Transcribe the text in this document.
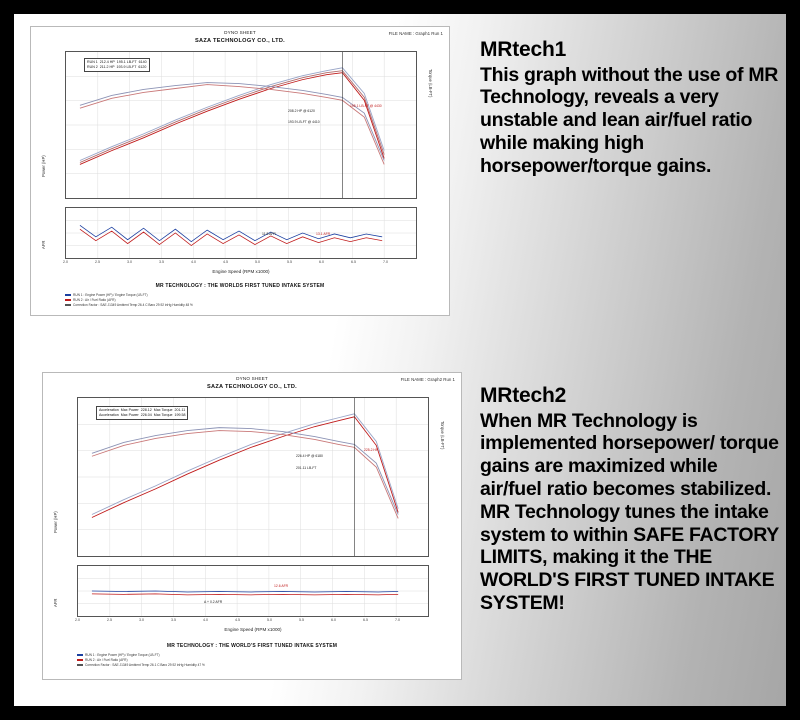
DYNO SHEET
SAZA TECHNOLOGY CO., LTD.
FILE NAME : Graph1 Run 1
RUN 1 212.4 HP 195.1 LB-FT 6140
RUN 2 211.2 HP 193.9 LB-FT 6120
208.2 HP @ 6120
195.1 LB-FT @ 4430
193.9 LB-FT @ 4410
Power (HP)
Torque (LB-FT)
11.8 AFR	13.1 AFR
AFR
2.0	2.5	3.0	3.5	4.0	4.5	5.0	5.5	6.0	6.5	7.0
Engine Speed (RPM x1000)
MR TECHNOLOGY : THE WORLDS FIRST TUNED INTAKE SYSTEM
RUN 1 : Engine Power (HP) / Engine Torque (LB-FT)
RUN 2 : Air / Fuel Ratio (AFR)
Correction Factor : SAE J1349 Ambient Temp 26.4 C Baro 29.92 inHg Humidity 48 %
MRtech1

This graph without the use of MR Technology, reveals a very unstable and lean air/fuel ratio while making high horsepower/torque gains.

DYNO SHEET
SAZA TECHNOLOGY CO., LTD.
FILE NAME : Graph2 Run 1
Acceleration Max Power 228.12 Max Torque 201.11
Acceleration Max Power 226.04 Max Torque 199.58
226.4 HP @ 6180
225.2 HP
201.11 LB-FT
Power (HP)
Torque (LB-FT)
12.6 AFR
A + 0.2 AFR
AFR
2.0	2.5	3.0	3.5	4.0	4.5	5.0	5.5	6.0	6.5	7.0
Engine Speed (RPM x1000)
MR TECHNOLOGY : THE WORLD'S FIRST TUNED INTAKE SYSTEM
RUN 1 : Engine Power (HP) / Engine Torque (LB-FT)
RUN 2 : Air / Fuel Ratio (AFR)
Correction Factor : SAE J1349 Ambient Temp 26.1 C Baro 29.92 inHg Humidity 47 %
MRtech2

When MR Technology is implemented horsepower/ torque gains are maximized while air/fuel ratio becomes stabilized. MR Technology tunes the intake system to within SAFE FACTORY LIMITS, making it the THE WORLD'S FIRST TUNED INTAKE SYSTEM!
